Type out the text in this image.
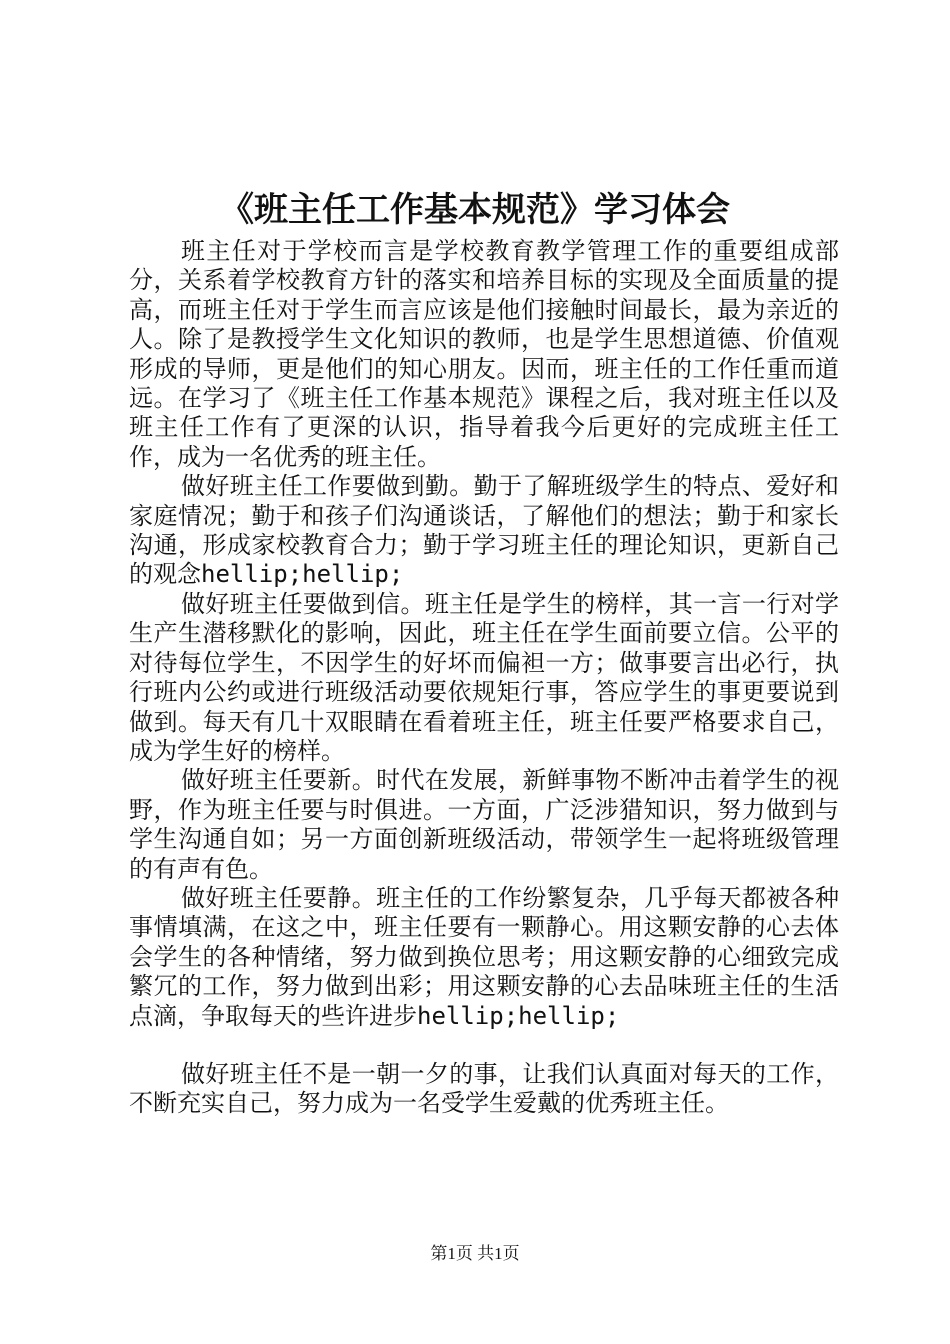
《班主任工作基本规范》学习体会

班主任对于学校而言是学校教育教学管理工作的重要组成部分，关系着学校教育方针的落实和培养目标的实现及全面质量的提高，而班主任对于学生而言应该是他们接触时间最长，最为亲近的人。除了是教授学生文化知识的教师，也是学生思想道德、价值观形成的导师，更是他们的知心朋友。因而，班主任的工作任重而道远。在学习了《班主任工作基本规范》课程之后，我对班主任以及班主任工作有了更深的认识，指导着我今后更好的完成班主任工作，成为一名优秀的班主任。

做好班主任工作要做到勤。勤于了解班级学生的特点、爱好和家庭情况；勤于和孩子们沟通谈话，了解他们的想法；勤于和家长沟通，形成家校教育合力；勤于学习班主任的理论知识，更新自己的观念hellip;hellip;

做好班主任要做到信。班主任是学生的榜样，其一言一行对学生产生潜移默化的影响，因此，班主任在学生面前要立信。公平的对待每位学生，不因学生的好坏而偏袒一方；做事要言出必行，执行班内公约或进行班级活动要依规矩行事，答应学生的事更要说到做到。每天有几十双眼睛在看着班主任，班主任要严格要求自己，成为学生好的榜样。

做好班主任要新。时代在发展，新鲜事物不断冲击着学生的视野，作为班主任要与时俱进。一方面，广泛涉猎知识，努力做到与学生沟通自如；另一方面创新班级活动，带领学生一起将班级管理的有声有色。

做好班主任要静。班主任的工作纷繁复杂，几乎每天都被各种事情填满，在这之中，班主任要有一颗静心。用这颗安静的心去体会学生的各种情绪，努力做到换位思考；用这颗安静的心细致完成繁冗的工作，努力做到出彩；用这颗安静的心去品味班主任的生活点滴，争取每天的些许进步hellip;hellip;

做好班主任不是一朝一夕的事，让我们认真面对每天的工作，不断充实自己，努力成为一名受学生爱戴的优秀班主任。

第1页 共1页
